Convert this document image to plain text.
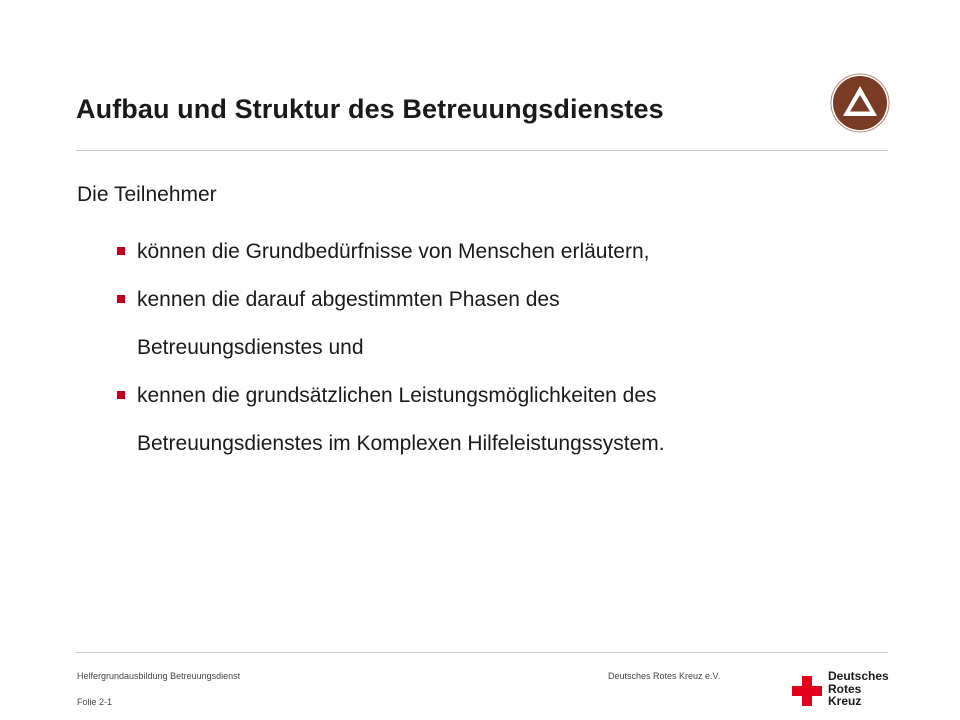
Aufbau und Struktur des Betreuungsdienstes
Die Teilnehmer
können die Grundbedürfnisse von Menschen erläutern,
kennen die darauf abgestimmten Phasen des
Betreuungsdienstes und
kennen die grundsätzlichen Leistungsmöglichkeiten des
Betreuungsdienstes im Komplexen Hilfeleistungssystem.
Helfergrundausbildung Betreuungsdienst
Folie 2-1
Deutsches Rotes Kreuz e.V.	Deutsches
Rotes
Kreuz
